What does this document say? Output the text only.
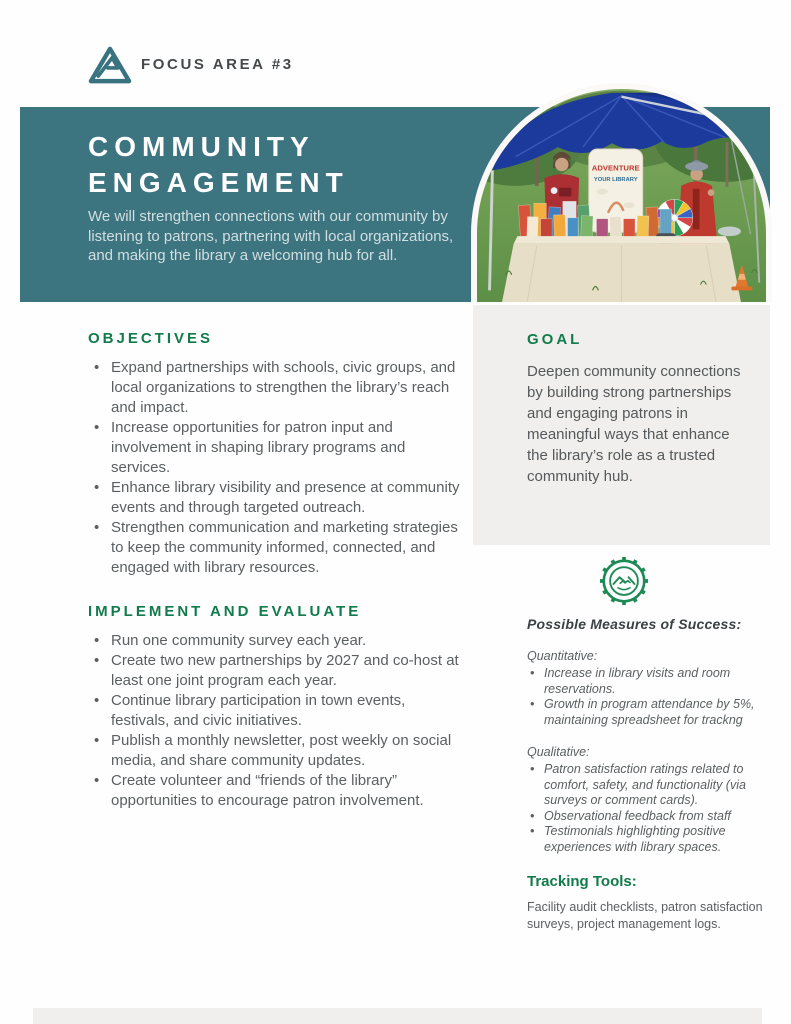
FOCUS AREA #3
COMMUNITY
ENGAGEMENT

We will strengthen connections with our community by listening to patrons, partnering with local organizations, and making the library a welcoming hub for all.

ADVENTURE
YOUR LIBRARY
GOAL

Deepen community connections by building strong partnerships and engaging patrons in meaningful ways that enhance the library’s role as a trusted community hub.

OBJECTIVES
• Expand partnerships with schools, civic groups, and local organizations to strengthen the library’s reach and impact.
• Increase opportunities for patron input and involvement in shaping library programs and services.
• Enhance library visibility and presence at community events and through targeted outreach.
• Strengthen communication and marketing strategies to keep the community informed, connected, and engaged with library resources.
IMPLEMENT AND EVALUATE
• Run one community survey each year.
• Create two new partnerships by 2027 and co-host at least one joint program each year.
• Continue library participation in town events, festivals, and civic initiatives.
• Publish a monthly newsletter, post weekly on social media, and share community updates.
• Create volunteer and “friends of the library” opportunities to encourage patron involvement.

Possible Measures of Success:

Quantitative:

• Increase in library visits and room reservations.
• Growth in program attendance by 5%, maintaining spreadsheet for trackng

Qualitative:

• Patron satisfaction ratings related to comfort, safety, and functionality (via surveys or comment cards).
• Observational feedback from staff
• Testimonials highlighting positive experiences with library spaces.

Tracking Tools:

Facility audit checklists, patron satisfaction surveys, project management logs.
